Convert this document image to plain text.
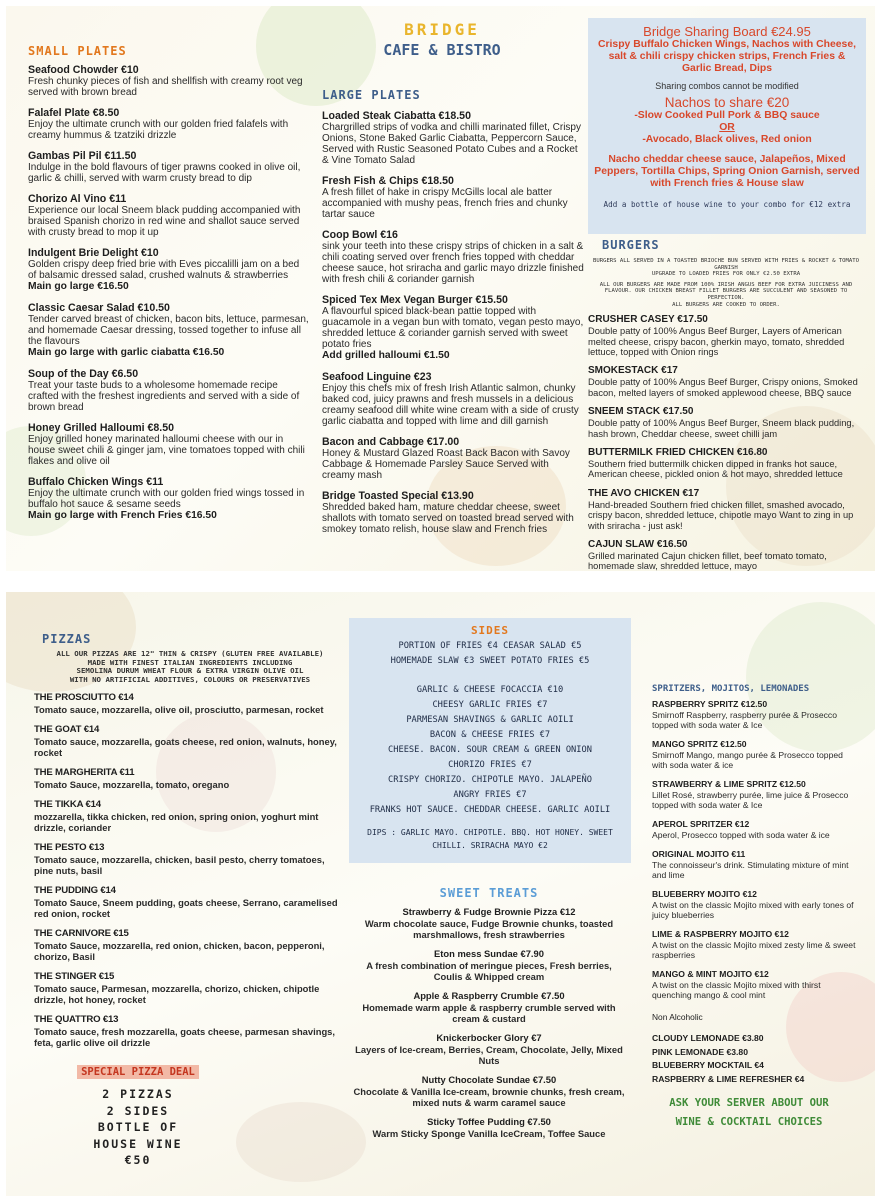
SMALL PLATES
Seafood Chowder €10
Fresh chunky pieces of fish and shellfish with creamy root veg served with brown bread
Falafel Plate €8.50
Enjoy the ultimate crunch with our golden fried falafels with creamy hummus & tzatziki drizzle
Gambas Pil Pil €11.50
Indulge in the bold flavours of tiger prawns cooked in olive oil, garlic & chilli, served with warm crusty bread to dip
Chorizo Al Vino €11
Experience our local Sneem black pudding accompanied with braised Spanish chorizo in red wine and shallot sauce served with crusty bread to mop it up
Indulgent Brie Delight €10
Golden crispy deep fried brie with Eves piccalilli jam on a bed of balsamic dressed salad, crushed walnuts & strawberries
Main go large €16.50
Classic Caesar Salad €10.50
Tender carved breast of chicken, bacon bits, lettuce, parmesan, and homemade Caesar dressing, tossed together to infuse all the flavours
Main go large with garlic ciabatta €16.50
Soup of the Day €6.50
Treat your taste buds to a wholesome homemade recipe crafted with the freshest ingredients and served with a side of brown bread
Honey Grilled Halloumi €8.50
Enjoy grilled honey marinated halloumi cheese with our in house sweet chili & ginger jam, vine tomatoes topped with chili flakes and olive oil
Buffalo Chicken Wings €11
Enjoy the ultimate crunch with our golden fried wings tossed in buffalo hot sauce & sesame seeds
Main go large with French Fries €16.50
BRIDGE
CAFE & BISTRO
LARGE PLATES
Loaded Steak Ciabatta €18.50
Chargrilled strips of vodka and chilli marinated fillet, Crispy Onions, Stone Baked Garlic Ciabatta, Peppercorn Sauce, Served with Rustic Seasoned Potato Cubes and a Rocket & Vine Tomato Salad
Fresh Fish & Chips €18.50
A fresh fillet of hake in crispy McGills local ale batter accompanied with mushy peas, french fries and chunky tartar sauce
Coop Bowl €16
sink your teeth into these crispy strips of chicken in a salt & chili coating served over french fries topped with cheddar cheese sauce, hot sriracha and garlic mayo drizzle finished with fresh chili & coriander garnish
Spiced Tex Mex Vegan Burger €15.50
A flavourful spiced black-bean pattie topped with guacamole in a vegan bun with tomato, vegan pesto mayo, shredded lettuce & coriander garnish served with sweet potato fries
Add grilled halloumi €1.50
Seafood Linguine €23
Enjoy this chefs mix of fresh Irish Atlantic salmon, chunky baked cod, juicy prawns and fresh mussels in a delicious creamy seafood dill white wine cream with a side of crusty garlic ciabatta and topped with lime and dill garnish
Bacon and Cabbage €17.00
Honey & Mustard Glazed Roast Back Bacon with Savoy Cabbage & Homemade Parsley Sauce Served with creamy mash
Bridge Toasted Special €13.90
Shredded baked ham, mature cheddar cheese, sweet shallots with tomato served on toasted bread served with smokey tomato relish, house slaw and French fries
Bridge Sharing Board €24.95
Crispy Buffalo Chicken Wings, Nachos with Cheese, salt & chili crispy chicken strips, French Fries & Garlic Bread, Dips
Sharing combos cannot be modified
Nachos to share €20
-Slow Cooked Pull Pork & BBQ sauce
OR
-Avocado, Black olives, Red onion
Nacho cheddar cheese sauce, Jalapeños, Mixed Peppers, Tortilla Chips, Spring Onion Garnish, served with French fries & House slaw
Add a bottle of house wine to your combo for €12 extra
BURGERS
BURGERS ALL SERVED IN A TOASTED BRIOCHE BUN SERVED WITH FRIES & ROCKET & TOMATO GARNISH
UPGRADE TO LOADED FRIES FOR ONLY €2.50 EXTRA
ALL OUR BURGERS ARE MADE FROM 100% IRISH ANGUS BEEF FOR EXTRA JUICINESS AND FLAVOUR. OUR CHICKEN BREAST FILLET BURGERS ARE SUCCULENT AND SEASONED TO PERFECTION.
ALL BURGERS ARE COOKED TO ORDER.
CRUSHER CASEY €17.50
Double patty of 100% Angus Beef Burger, Layers of American melted cheese, crispy bacon, gherkin mayo, tomato, shredded lettuce, topped with Onion rings
SMOKESTACK €17
Double patty of 100% Angus Beef Burger, Crispy onions, Smoked bacon, melted layers of smoked applewood cheese, BBQ sauce
SNEEM STACK €17.50
Double patty of 100% Angus Beef Burger, Sneem black pudding, hash brown, Cheddar cheese, sweet chilli jam
BUTTERMILK FRIED CHICKEN €16.80
Southern fried buttermilk chicken dipped in franks hot sauce, American cheese, pickled onion & hot mayo, shredded lettuce
THE AVO CHICKEN €17
Hand-breaded Southern fried chicken fillet, smashed avocado, crispy bacon, shredded lettuce, chipotle mayo Want to zing in up with sriracha - just ask!
CAJUN SLAW €16.50
Grilled marinated Cajun chicken fillet, beef tomato tomato, homemade slaw, shredded lettuce, mayo
PIZZAS
ALL OUR PIZZAS ARE 12" THIN & CRISPY (GLUTEN FREE AVAILABLE)
MADE WITH FINEST ITALIAN INGREDIENTS INCLUDING
SEMOLINA DURUM WHEAT FLOUR & EXTRA VIRGIN OLIVE OIL
WITH NO ARTIFICIAL ADDITIVES, COLOURS OR PRESERVATIVES
THE PROSCIUTTO €14
Tomato sauce, mozzarella, olive oil, prosciutto, parmesan, rocket
THE GOAT €14
Tomato sauce, mozzarella, goats cheese, red onion, walnuts, honey, rocket
THE MARGHERITA €11
Tomato Sauce, mozzarella, tomato, oregano
THE TIKKA €14
mozzarella, tikka chicken, red onion, spring onion, yoghurt mint drizzle, coriander
THE PESTO €13
Tomato sauce, mozzarella, chicken, basil pesto, cherry tomatoes, pine nuts, basil
THE PUDDING €14
Tomato Sauce, Sneem pudding, goats cheese, Serrano, caramelised red onion, rocket
THE CARNIVORE €15
Tomato Sauce, mozzarella, red onion, chicken, bacon, pepperoni, chorizo, Basil
THE STINGER €15
Tomato sauce, Parmesan, mozzarella, chorizo, chicken, chipotle drizzle, hot honey, rocket
THE QUATTRO €13
Tomato sauce, fresh mozzarella, goats cheese, parmesan shavings, feta, garlic olive oil drizzle
SPECIAL PIZZA DEAL
2 PIZZAS
2 SIDES
BOTTLE OF
HOUSE WINE
€50
SIDES
PORTION OF FRIES €4 CEASAR SALAD €5
HOMEMADE SLAW €3 SWEET POTATO FRIES €5
GARLIC & CHEESE FOCACCIA €10
CHEESY GARLIC FRIES €7
PARMESAN SHAVINGS & GARLIC AOILI
BACON & CHEESE FRIES €7
CHEESE. BACON. SOUR CREAM & GREEN ONION
CHORIZO FRIES €7
CRISPY CHORIZO. CHIPOTLE MAYO. JALAPEÑO
ANGRY FRIES €7
FRANKS HOT SAUCE. CHEDDAR CHEESE. GARLIC AOILI
DIPS : GARLIC MAYO. CHIPOTLE. BBQ. HOT HONEY. SWEET CHILLI. SRIRACHA MAYO €2
SWEET TREATS
Strawberry & Fudge Brownie Pizza €12
Warm chocolate sauce, Fudge Brownie chunks, toasted marshmallows, fresh strawberries
Eton mess Sundae €7.90
A fresh combination of meringue pieces, Fresh berries, Coulis & Whipped cream
Apple & Raspberry Crumble €7.50
Homemade warm apple & raspberry crumble served with cream & custard
Knickerbocker Glory €7
Layers of Ice-cream, Berries, Cream, Chocolate, Jelly, Mixed Nuts
Nutty Chocolate Sundae €7.50
Chocolate & Vanilla Ice-cream, brownie chunks, fresh cream, mixed nuts & warm caramel sauce
Sticky Toffee Pudding €7.50
Warm Sticky Sponge Vanilla IceCream, Toffee Sauce
SPRITZERS, MOJITOS, LEMONADES
RASPBERRY SPRITZ €12.50
Smirnoff Raspberry, raspberry purée & Prosecco topped with soda water & Ice
MANGO SPRITZ €12.50
Smirnoff Mango, mango purée & Prosecco topped with soda water & ice
STRAWBERRY & LIME SPRITZ €12.50
Lillet Rosé, strawberry purée, lime juice & Prosecco topped with soda water & Ice
APEROL SPRITZER €12
Aperol, Prosecco topped with soda water & ice
ORIGINAL MOJITO €11
The connoisseur's drink. Stimulating mixture of mint and lime
BLUEBERRY MOJITO €12
A twist on the classic Mojito mixed with early tones of juicy blueberries
LIME & RASPBERRY MOJITO €12
A twist on the classic Mojito mixed zesty lime & sweet raspberries
MANGO & MINT MOJITO €12
A twist on the classic Mojito mixed with thirst quenching mango & cool mint
Non Alcoholic
CLOUDY LEMONADE €3.80
PINK LEMONADE €3.80
BLUEBERRY MOCKTAIL €4
RASPBERRY & LIME REFRESHER €4
ASK YOUR SERVER ABOUT OUR
WINE & COCKTAIL CHOICES
